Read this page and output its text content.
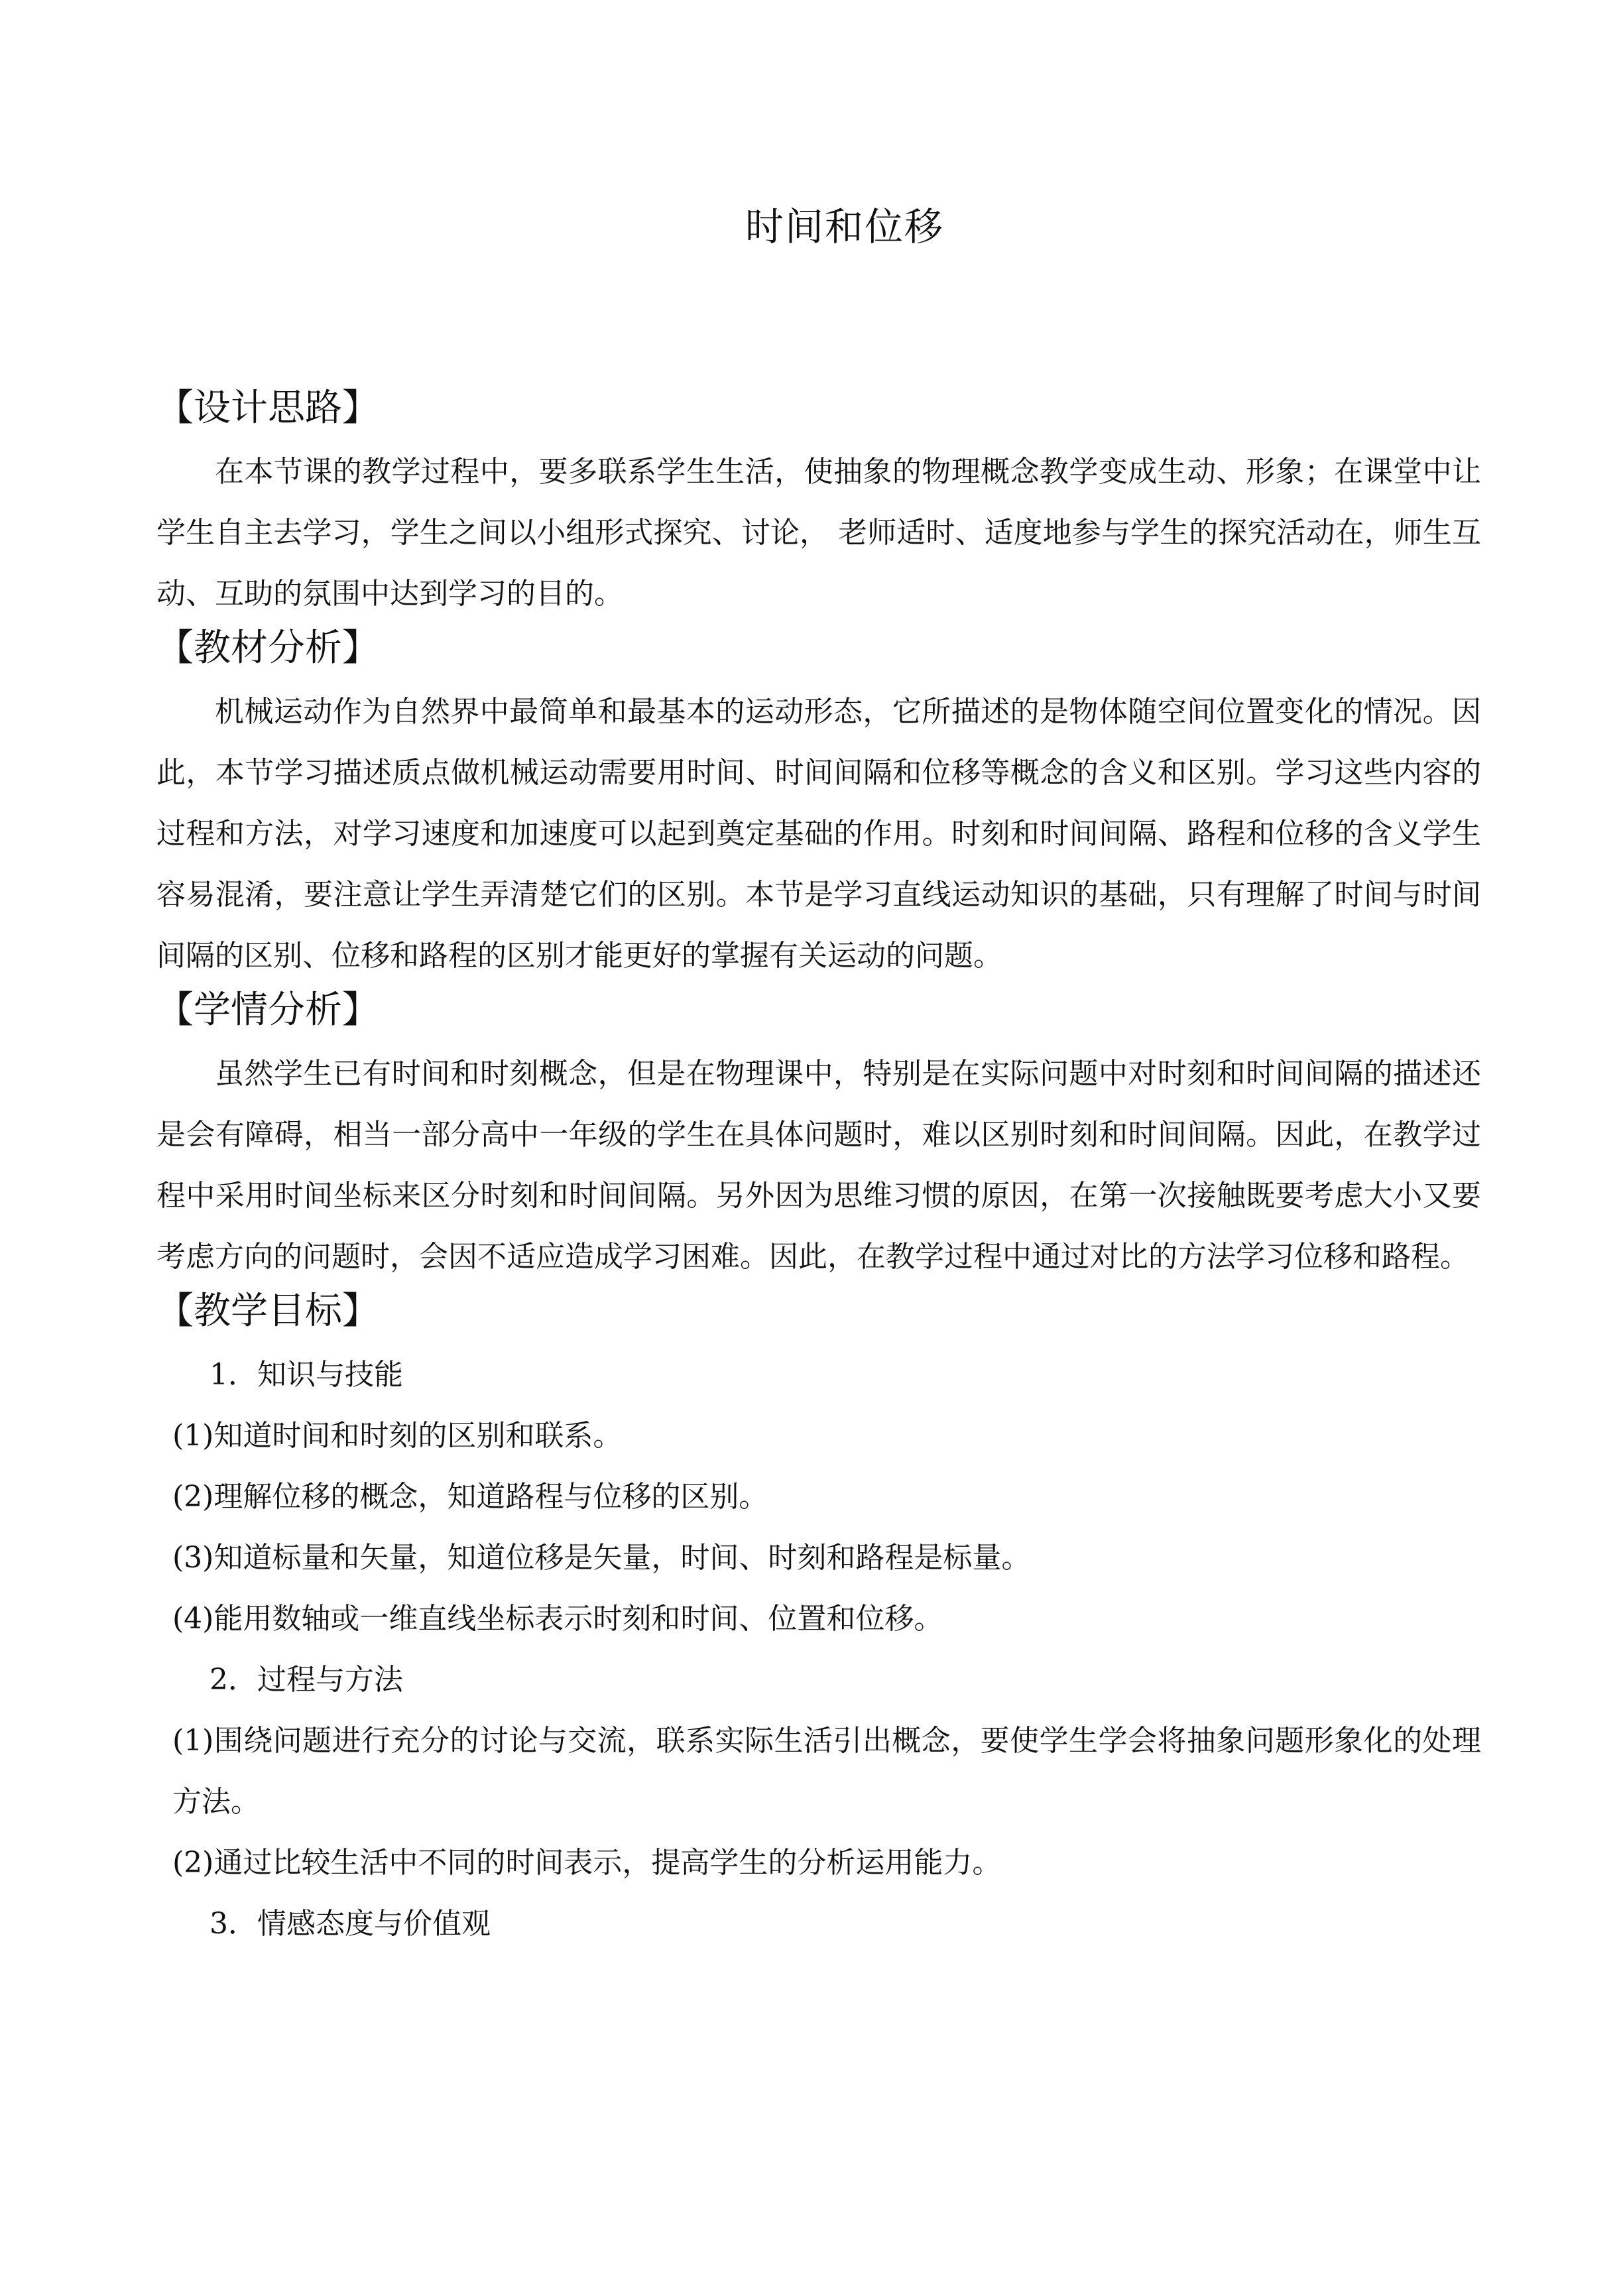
时间和位移
【设计思路】

在本节课的教学过程中，要多联系学生生活，使抽象的物理概念教学变成生动、形象；在课堂中让学生自主去学习，学生之间以小组形式探究、讨论， 老师适时、适度地参与学生的探究活动在，师生互动、互助的氛围中达到学习的目的。

【教材分析】

机械运动作为自然界中最简单和最基本的运动形态，它所描述的是物体随空间位置变化的情况。因此，本节学习描述质点做机械运动需要用时间、时间间隔和位移等概念的含义和区别。学习这些内容的过程和方法，对学习速度和加速度可以起到奠定基础的作用。时刻和时间间隔、路程和位移的含义学生容易混淆，要注意让学生弄清楚它们的区别。本节是学习直线运动知识的基础，只有理解了时间与时间间隔的区别、位移和路程的区别才能更好的掌握有关运动的问题。

【学情分析】

虽然学生已有时间和时刻概念，但是在物理课中，特别是在实际问题中对时刻和时间间隔的描述还是会有障碍，相当一部分高中一年级的学生在具体问题时，难以区别时刻和时间间隔。因此，在教学过程中采用时间坐标来区分时刻和时间间隔。另外因为思维习惯的原因，在第一次接触既要考虑大小又要考虑方向的问题时，会因不适应造成学习困难。因此，在教学过程中通过对比的方法学习位移和路程。

【教学目标】

1．知识与技能

(1)知道时间和时刻的区别和联系。

(2)理解位移的概念，知道路程与位移的区别。

(3)知道标量和矢量，知道位移是矢量，时间、时刻和路程是标量。

(4)能用数轴或一维直线坐标表示时刻和时间、位置和位移。

2．过程与方法

(1)围绕问题进行充分的讨论与交流，联系实际生活引出概念，要使学生学会将抽象问题形象化的处理方法。

(2)通过比较生活中不同的时间表示，提高学生的分析运用能力。

3．情感态度与价值观
